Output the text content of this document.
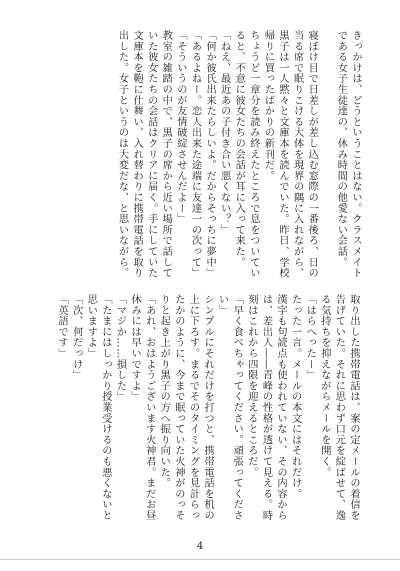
きっかけは、どうということはない。クラスメイトである女子生徒達の、休み時間の他愛ない会話。

寝ぼけ目で日差しが差し込む窓際の一番後ろ、日の当る席で眠りこける大体を現界の隅に入れながら、黒子は一人黙々と文庫本を読んでいた。昨日、学校帰りに買ったばかりの新刊だ。
ちょうど一章分を読み終えたところで息をついていると、不意に彼女たちの会話が耳に入って来た。
「ねえ、最近あの子付き合い悪くない？」
「何か彼氏出来たらしいよ。だからそっちに夢中」
「あるよねー。恋人出来た途端に友達一の次って」
「そういうのが友情破綻させんだよー」
教室の雑踏の中で、黒子の席から近い場所で話していた彼女たちの会話はクリアに届く。手にしていた文庫本を鞄に仕舞い、入れ替わりに携帯電話を取り出した。女子というのは大変だな、と思いながら。
取り出した携帯電話は、案の定メールの着信を告げていた。それに思わず口元を綻ばせて、逸る気持ちを抑えながらメールを開く。
「はらへったー」
たった一言。メールの本文にはそれだけ。
漢字も句読点も使われていない、その内容からは、差出人――青峰の性格が透けて見える。時刻はこれから四限を迎えるところだ。
「早く食べちゃってください。頑張ってください」
シンプルにそれだけを打つと、携帯電話を机の上に下ろす。まるでそのタイミングを見計らったかのように、今まで眠っていた火神がのっそりと起き上がり黒子の方へ振り向いた。
「あれ、おはようございます火神君。まだお昼休みには早いですよ」
「マジか……損した」
「たまにはしっかり授業受けるのも悪くないと思いますよ」
「次、何だっけ」
「英語です」
4
